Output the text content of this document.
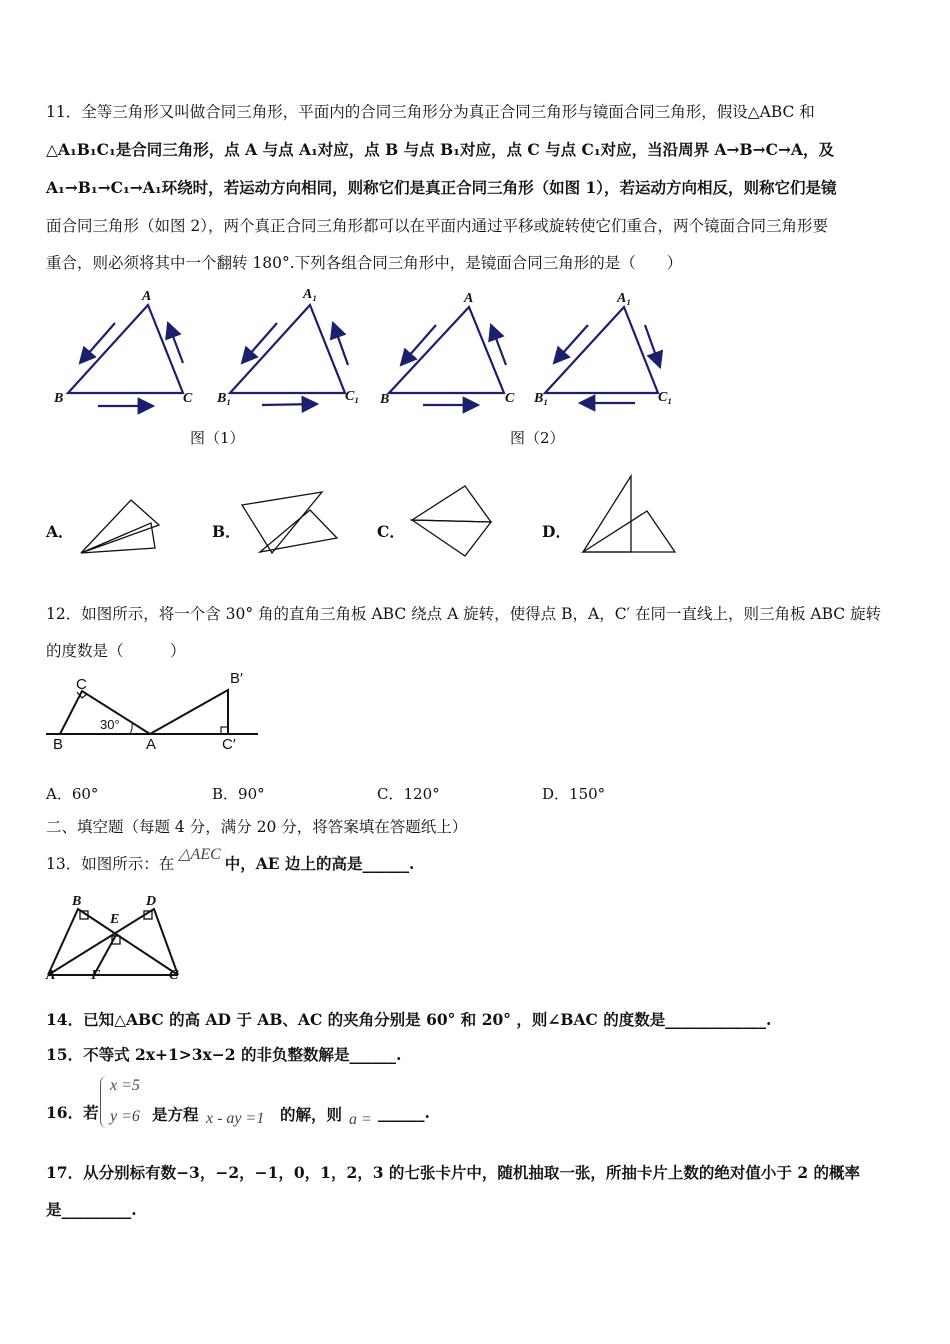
11．全等三角形又叫做合同三角形，平面内的合同三角形分为真正合同三角形与镜面合同三角形，假设△ABC 和
△A₁B₁C₁是合同三角形，点 A 与点 A₁对应，点 B 与点 B₁对应，点 C 与点 C₁对应，当沿周界 A→B→C→A，及
A₁→B₁→C₁→A₁环绕时，若运动方向相同，则称它们是真正合同三角形（如图 1），若运动方向相反，则称它们是镜
面合同三角形（如图 2），两个真正合同三角形都可以在平面内通过平移或旋转使它们重合，两个镜面合同三角形要
重合，则必须将其中一个翻转 180°.下列各组合同三角形中，是镜面合同三角形的是（　　）
A
B	C
A₁
B₁	C₁
A
B	C
A₁
B₁	C₁
图（1）	图（2）
A．	B．	C．	D．
12．如图所示，将一个含 30° 角的直角三角板 ABC 绕点 A 旋转，使得点 B，A，C′ 在同一直线上，则三角板 ABC 旋转
的度数是（　　　）
C
B	A
B′
C′
30°
A．60°	B．90°	C．120°	D．150°
二、填空题（每题 4 分，满分 20 分，将答案填在答题纸上）
13．如图所示：在△AEC 中，AE 边上的高是______.
B	D
E
A	F	C
14．已知△ABC 的高 AD 于 AB、AC 的夹角分别是 60° 和 20° ，则∠BAC 的度数是_____________.
15．不等式 2x+1>3x−2 的非负整数解是______.
16．若
x =5
y =6 是方程 x - ay =1 的解，则 a = ______.
17．从分别标有数−3，−2，−1，0，1，2，3 的七张卡片中，随机抽取一张，所抽卡片上数的绝对值小于 2 的概率
是_________.
